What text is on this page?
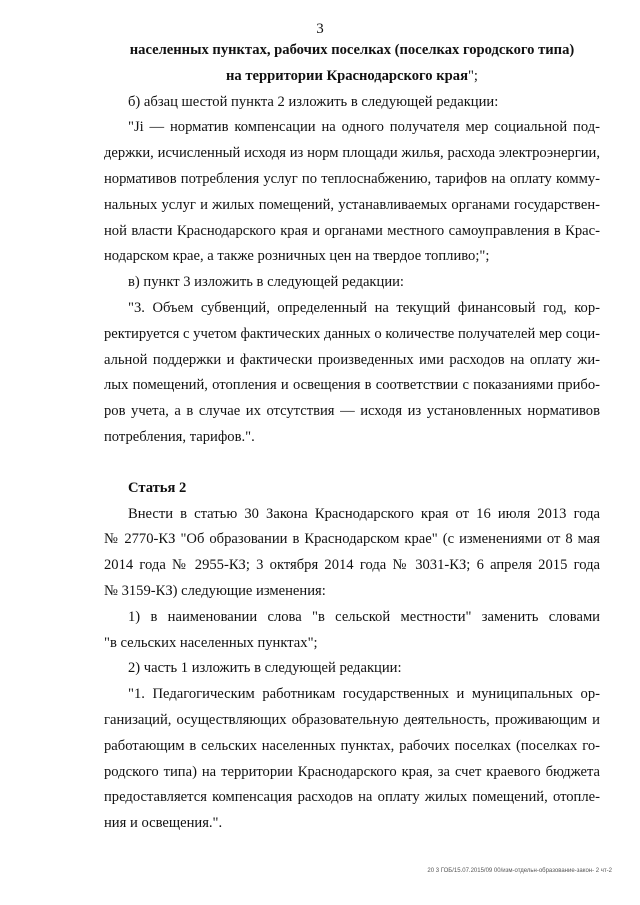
3
населенных пунктах, рабочих поселках (поселках городского типа)
на территории Краснодарского края";
б) абзац шестой пункта 2 изложить в следующей редакции:
"Ji — норматив компенсации на одного получателя мер социальной под-
держки, исчисленный исходя из норм площади жилья, расхода электроэнергии,
нормативов потребления услуг по теплоснабжению, тарифов на оплату комму-
нальных услуг и жилых помещений, устанавливаемых органами государствен-
ной власти Краснодарского края и органами местного самоуправления в Крас-
нодарском крае, а также розничных цен на твердое топливо;";
в) пункт 3 изложить в следующей редакции:
"3. Объем субвенций, определенный на текущий финансовый год, кор-
ректируется с учетом фактических данных о количестве получателей мер соци-
альной поддержки и фактически произведенных ими расходов на оплату жи-
лых помещений, отопления и освещения в соответствии с показаниями прибо-
ров учета, а в случае их отсутствия — исходя из установленных нормативов
потребления, тарифов.".
Статья 2
Внести в статью 30 Закона Краснодарского края от 16 июля 2013 года
№ 2770-КЗ "Об образовании в Краснодарском крае" (с изменениями от 8 мая
2014 года № 2955-КЗ; 3 октября 2014 года № 3031-КЗ; 6 апреля 2015 года
№ 3159-КЗ) следующие изменения:
1) в наименовании слова "в сельской местности" заменить словами
"в сельских населенных пунктах";
2) часть 1 изложить в следующей редакции:
"1. Педагогическим работникам государственных и муниципальных ор-
ганизаций, осуществляющих образовательную деятельность, проживающим и
работающим в сельских населенных пунктах, рабочих поселках (поселках го-
родского типа) на территории Краснодарского края, за счет краевого бюджета
предоставляется компенсация расходов на оплату жилых помещений, отопле-
ния и освещения.".
20 3 ГОБ/15.07.2015/09 00/изм-отдельн-образование-закон- 2 чт-2
